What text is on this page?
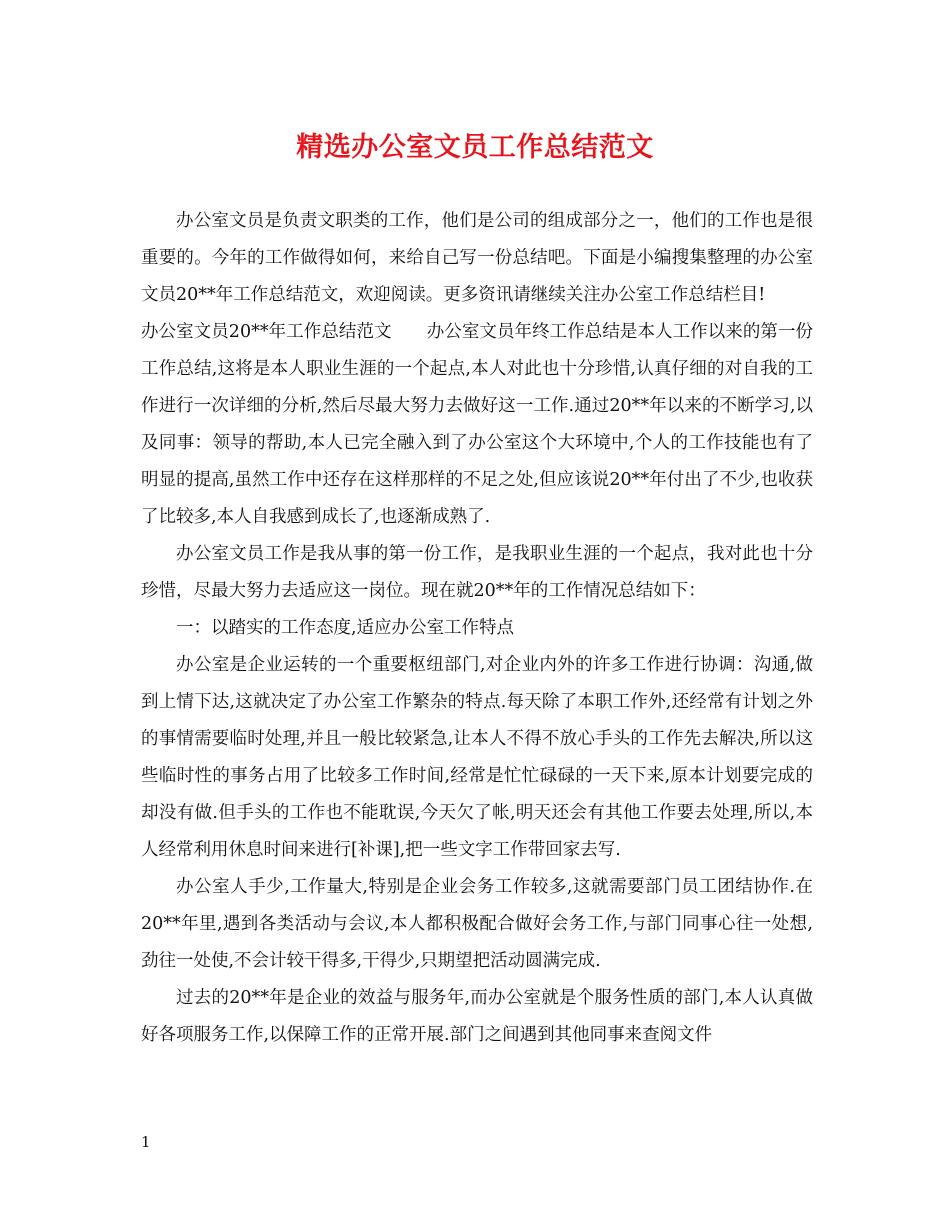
精选办公室文员工作总结范文

办公室文员是负责文职类的工作，他们是公司的组成部分之一，他们的工作也是很重要的。今年的工作做得如何，来给自己写一份总结吧。下面是小编搜集整理的办公室文员20**年工作总结范文，欢迎阅读。更多资讯请继续关注办公室工作总结栏目!

办公室文员20**年工作总结范文　　办公室文员年终工作总结是本人工作以来的第一份工作总结,这将是本人职业生涯的一个起点,本人对此也十分珍惜,认真仔细的对自我的工作进行一次详细的分析,然后尽最大努力去做好这一工作.通过20**年以来的不断学习,以及同事：领导的帮助,本人已完全融入到了办公室这个大环境中,个人的工作技能也有了明显的提高,虽然工作中还存在这样那样的不足之处,但应该说20**年付出了不少,也收获了比较多,本人自我感到成长了,也逐渐成熟了.

办公室文员工作是我从事的第一份工作，是我职业生涯的一个起点，我对此也十分珍惜，尽最大努力去适应这一岗位。现在就20**年的工作情况总结如下：

一：以踏实的工作态度,适应办公室工作特点

办公室是企业运转的一个重要枢纽部门,对企业内外的许多工作进行协调：沟通,做到上情下达,这就决定了办公室工作繁杂的特点.每天除了本职工作外,还经常有计划之外的事情需要临时处理,并且一般比较紧急,让本人不得不放心手头的工作先去解决,所以这些临时性的事务占用了比较多工作时间,经常是忙忙碌碌的一天下来,原本计划要完成的却没有做.但手头的工作也不能耽误,今天欠了帐,明天还会有其他工作要去处理,所以,本人经常利用休息时间来进行[补课],把一些文字工作带回家去写.

办公室人手少,工作量大,特别是企业会务工作较多,这就需要部门员工团结协作.在20**年里,遇到各类活动与会议,本人都积极配合做好会务工作,与部门同事心往一处想,劲往一处使,不会计较干得多,干得少,只期望把活动圆满完成.

过去的20**年是企业的效益与服务年,而办公室就是个服务性质的部门,本人认真做好各项服务工作,以保障工作的正常开展.部门之间遇到其他同事来查阅文件

1
